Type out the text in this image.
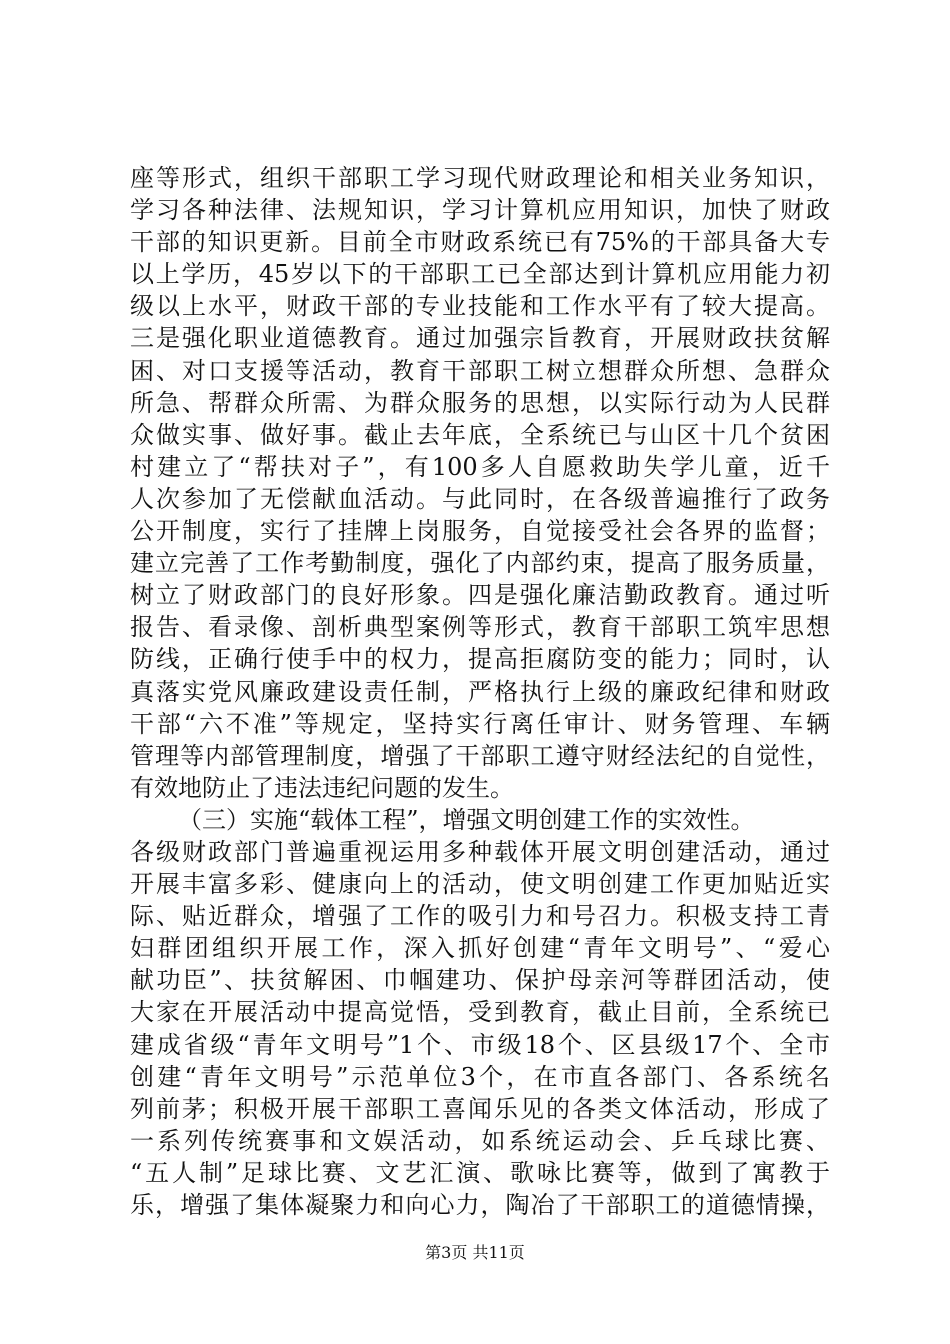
座等形式，组织干部职工学习现代财政理论和相关业务知识，
学习各种法律、法规知识，学习计算机应用知识，加快了财政
干部的知识更新。目前全市财政系统已有75%的干部具备大专
以上学历，45岁以下的干部职工已全部达到计算机应用能力初
级以上水平，财政干部的专业技能和工作水平有了较大提高。
三是强化职业道德教育。通过加强宗旨教育，开展财政扶贫解
困、对口支援等活动，教育干部职工树立想群众所想、急群众
所急、帮群众所需、为群众服务的思想，以实际行动为人民群
众做实事、做好事。截止去年底，全系统已与山区十几个贫困
村建立了“帮扶对子”，有100多人自愿救助失学儿童，近千
人次参加了无偿献血活动。与此同时，在各级普遍推行了政务
公开制度，实行了挂牌上岗服务，自觉接受社会各界的监督；
建立完善了工作考勤制度，强化了内部约束，提高了服务质量，
树立了财政部门的良好形象。四是强化廉洁勤政教育。通过听
报告、看录像、剖析典型案例等形式，教育干部职工筑牢思想
防线，正确行使手中的权力，提高拒腐防变的能力；同时，认
真落实党风廉政建设责任制，严格执行上级的廉政纪律和财政
干部“六不准”等规定，坚持实行离任审计、财务管理、车辆
管理等内部管理制度，增强了干部职工遵守财经法纪的自觉性，
有效地防止了违法违纪问题的发生。
（三）实施“载体工程”，增强文明创建工作的实效性。
各级财政部门普遍重视运用多种载体开展文明创建活动，通过
开展丰富多彩、健康向上的活动，使文明创建工作更加贴近实
际、贴近群众，增强了工作的吸引力和号召力。积极支持工青
妇群团组织开展工作，深入抓好创建“青年文明号”、“爱心
献功臣”、扶贫解困、巾帼建功、保护母亲河等群团活动，使
大家在开展活动中提高觉悟，受到教育，截止目前，全系统已
建成省级“青年文明号”1个、市级18个、区县级17个、全市
创建“青年文明号”示范单位3个，在市直各部门、各系统名
列前茅；积极开展干部职工喜闻乐见的各类文体活动，形成了
一系列传统赛事和文娱活动，如系统运动会、乒乓球比赛、
“五人制”足球比赛、文艺汇演、歌咏比赛等，做到了寓教于
乐，增强了集体凝聚力和向心力，陶冶了干部职工的道德情操，
第3页 共11页
